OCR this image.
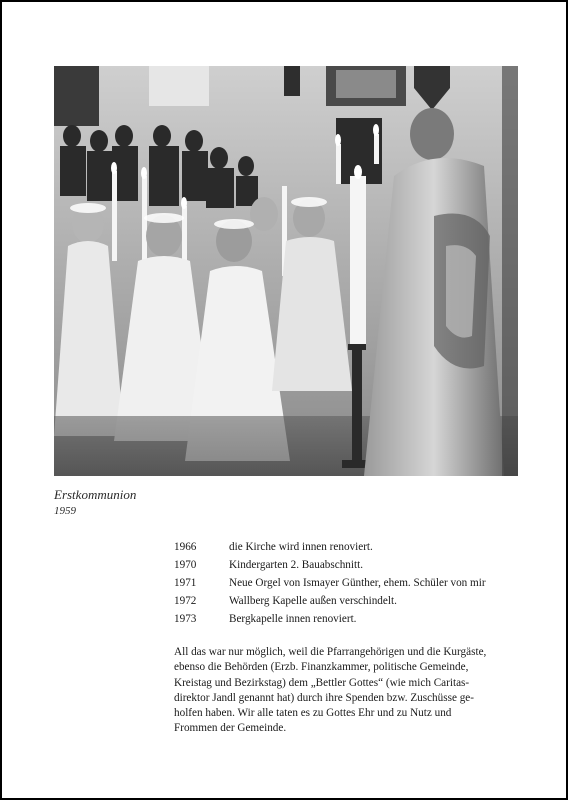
Erstkommunion
1959
1966	die Kirche wird innen renoviert.
1970	Kindergarten 2. Bauabschnitt.
1971	Neue Orgel von Ismayer Günther, ehem. Schüler von mir
1972	Wallberg Kapelle außen verschindelt.
1973	Bergkapelle innen renoviert.
All das war nur möglich, weil die Pfarrangehörigen und die Kurgäste,
ebenso die Behörden (Erzb. Finanzkammer, politische Gemeinde,
Kreistag und Bezirkstag) dem „Bettler Gottes“ (wie mich Caritas-
direktor Jandl genannt hat) durch ihre Spenden bzw. Zuschüsse ge-
holfen haben. Wir alle taten es zu Gottes Ehr und zu Nutz und
Frommen der Gemeinde.
